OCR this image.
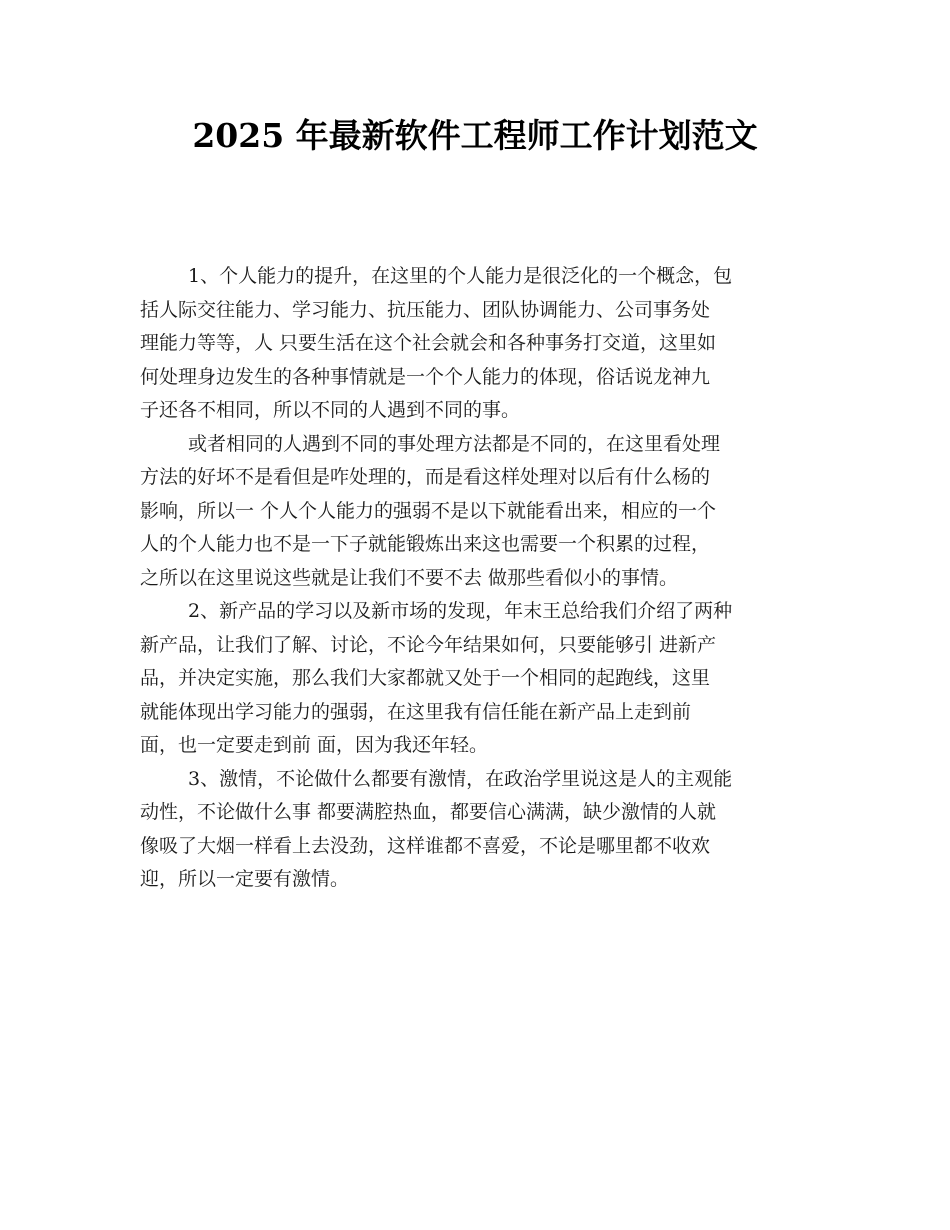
2025 年最新软件工程师工作计划范文

1、个人能力的提升，在这里的个人能力是很泛化的一个概念，包
括人际交往能力、学习能力、抗压能力、团队协调能力、公司事务处
理能力等等，人 只要生活在这个社会就会和各种事务打交道，这里如
何处理身边发生的各种事情就是一个个人能力的体现，俗话说龙神九
子还各不相同，所以不同的人遇到不同的事。

或者相同的人遇到不同的事处理方法都是不同的，在这里看处理
方法的好坏不是看但是咋处理的，而是看这样处理对以后有什么杨的
影响，所以一 个人个人能力的强弱不是以下就能看出来，相应的一个
人的个人能力也不是一下子就能锻炼出来这也需要一个积累的过程，
之所以在这里说这些就是让我们不要不去 做那些看似小的事情。

2、新产品的学习以及新市场的发现，年末王总给我们介绍了两种
新产品，让我们了解、讨论，不论今年结果如何，只要能够引 进新产
品，并决定实施，那么我们大家都就又处于一个相同的起跑线，这里
就能体现出学习能力的强弱，在这里我有信任能在新产品上走到前
面，也一定要走到前 面，因为我还年轻。

3、激情，不论做什么都要有激情，在政治学里说这是人的主观能
动性，不论做什么事 都要满腔热血，都要信心满满，缺少激情的人就
像吸了大烟一样看上去没劲，这样谁都不喜爱，不论是哪里都不收欢
迎，所以一定要有激情。
